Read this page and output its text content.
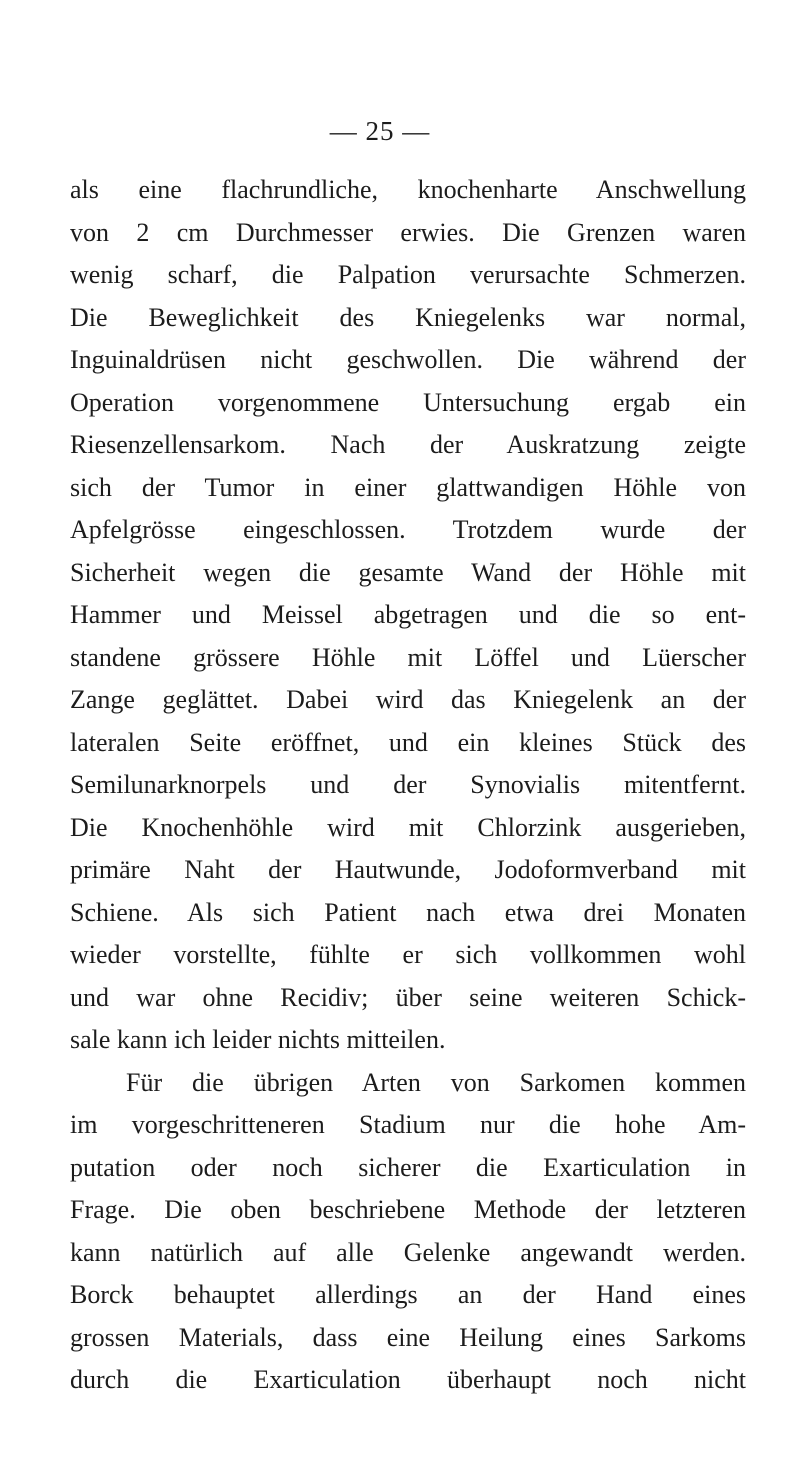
— 25 —
als eine flachrundliche, knochenharte Anschwellung
von 2 cm Durchmesser erwies. Die Grenzen waren
wenig scharf, die Palpation verursachte Schmerzen.
Die Beweglichkeit des Kniegelenks war normal,
Inguinaldrüsen nicht geschwollen. Die während der
Operation vorgenommene Untersuchung ergab ein
Riesenzellensarkom. Nach der Auskratzung zeigte
sich der Tumor in einer glattwandigen Höhle von
Apfelgrösse eingeschlossen. Trotzdem wurde der
Sicherheit wegen die gesamte Wand der Höhle mit
Hammer und Meissel abgetragen und die so ent-
standene grössere Höhle mit Löffel und Lüerscher
Zange geglättet. Dabei wird das Kniegelenk an der
lateralen Seite eröffnet, und ein kleines Stück des
Semilunarknorpels und der Synovialis mitentfernt.
Die Knochenhöhle wird mit Chlorzink ausgerieben,
primäre Naht der Hautwunde, Jodoformverband mit
Schiene. Als sich Patient nach etwa drei Monaten
wieder vorstellte, fühlte er sich vollkommen wohl
und war ohne Recidiv; über seine weiteren Schick-
sale kann ich leider nichts mitteilen.
Für die übrigen Arten von Sarkomen kommen
im vorgeschritteneren Stadium nur die hohe Am-
putation oder noch sicherer die Exarticulation in
Frage. Die oben beschriebene Methode der letzteren
kann natürlich auf alle Gelenke angewandt werden.
Borck behauptet allerdings an der Hand eines
grossen Materials, dass eine Heilung eines Sarkoms
durch die Exarticulation überhaupt noch nicht
